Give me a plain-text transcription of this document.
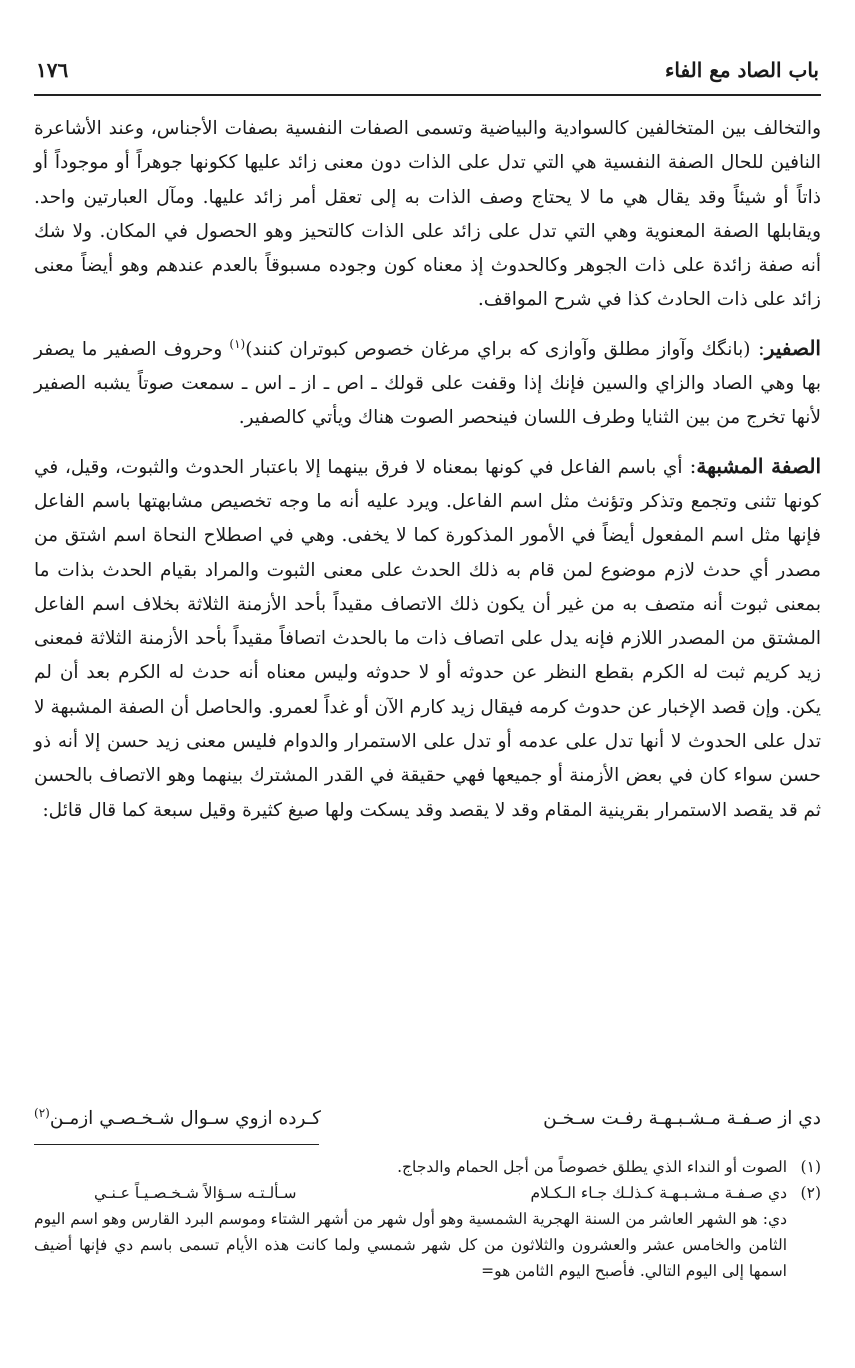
باب الصاد مع الفاء
١٧٦

والتخالف بين المتخالفين كالسوادية والبياضية وتسمى الصفات النفسية بصفات الأجناس، وعند الأشاعرة النافين للحال الصفة النفسية هي التي تدل على الذات دون معنى زائد عليها ككونها جوهراً أو موجوداً أو ذاتاً أو شيئاً وقد يقال هي ما لا يحتاج وصف الذات به إلى تعقل أمر زائد عليها. ومآل العبارتين واحد. ويقابلها الصفة المعنوية وهي التي تدل على زائد على الذات كالتحيز وهو الحصول في المكان. ولا شك أنه صفة زائدة على ذات الجوهر وكالحدوث إذ معناه كون وجوده مسبوقاً بالعدم عندهم وهو أيضاً معنى زائد على ذات الحادث كذا في شرح المواقف.

الصفير : (بانگك وآواز مطلق وآوازى كه براي مرغان خصوص كبوتران كنند)$^{(١)}$ وحروف الصفير ما يصفر بها وهي الصاد والزاي والسين فإنك إذا وقفت على قولك ـ اص ـ از ـ اس ـ سمعت صوتاً يشبه الصفير لأنها تخرج من بين الثنايا وطرف اللسان فينحصر الصوت هناك ويأتي كالصفير.

الصفة المشبهة : أي باسم الفاعل في كونها بمعناه لا فرق بينهما إلا باعتبار الحدوث والثبوت، وقيل، في كونها تثنى وتجمع وتذكر وتؤنث مثل اسم الفاعل. ويرد عليه أنه ما وجه تخصيص مشابهتها باسم الفاعل فإنها مثل اسم المفعول أيضاً في الأمور المذكورة كما لا يخفى. وهي في اصطلاح النحاة اسم اشتق من مصدر أي حدث لازم موضوع لمن قام به ذلك الحدث على معنى الثبوت والمراد بقيام الحدث بذات ما بمعنى ثبوت أنه متصف به من غير أن يكون ذلك الاتصاف مقيداً بأحد الأزمنة الثلاثة بخلاف اسم الفاعل المشتق من المصدر اللازم فإنه يدل على اتصاف ذات ما بالحدث اتصافاً مقيداً بأحد الأزمنة الثلاثة فمعنى زيد كريم ثبت له الكرم بقطع النظر عن حدوثه أو لا حدوثه وليس معناه أنه حدث له الكرم بعد أن لم يكن. وإن قصد الإخبار عن حدوث كرمه فيقال زيد كارم الآن أو غداً لعمرو. والحاصل أن الصفة المشبهة لا تدل على الحدوث لا أنها تدل على عدمه أو تدل على الاستمرار والدوام فليس معنى زيد حسن إلا أنه ذو حسن سواء كان في بعض الأزمنة أو جميعها فهي حقيقة في القدر المشترك بينهما وهو الاتصاف بالحسن ثم قد يقصد الاستمرار بقرينية المقام وقد لا يقصد وقد يسكت ولها صيغ كثيرة وقيل سبعة كما قال قائل:

دي از صـفـة مـشـبـهـة رفـت سـخـن
كـرده ازوي سـوال شـخـصـي ازمـن$^{(٢)}$
(١)
الصوت أو النداء الذي يطلق خصوصاً من أجل الحمام والدجاج.
(٢)
دي صـفـة مـشـبـهـة كـذلـك جـاء الـكـلام
سـألـتـه سـؤالاً شـخـصـيـاً عـنـي
دي : هو الشهر العاشر من السنة الهجرية الشمسية وهو أول شهر من أشهر الشتاء وموسم البرد القارس وهو اسم اليوم الثامن والخامس عشر والعشرون والثلاثون من كل شهر شمسي ولما كانت هذه الأيام تسمى باسم دي فإنها أضيف اسمها إلى اليوم التالي. فأصبح اليوم الثامن هو=
